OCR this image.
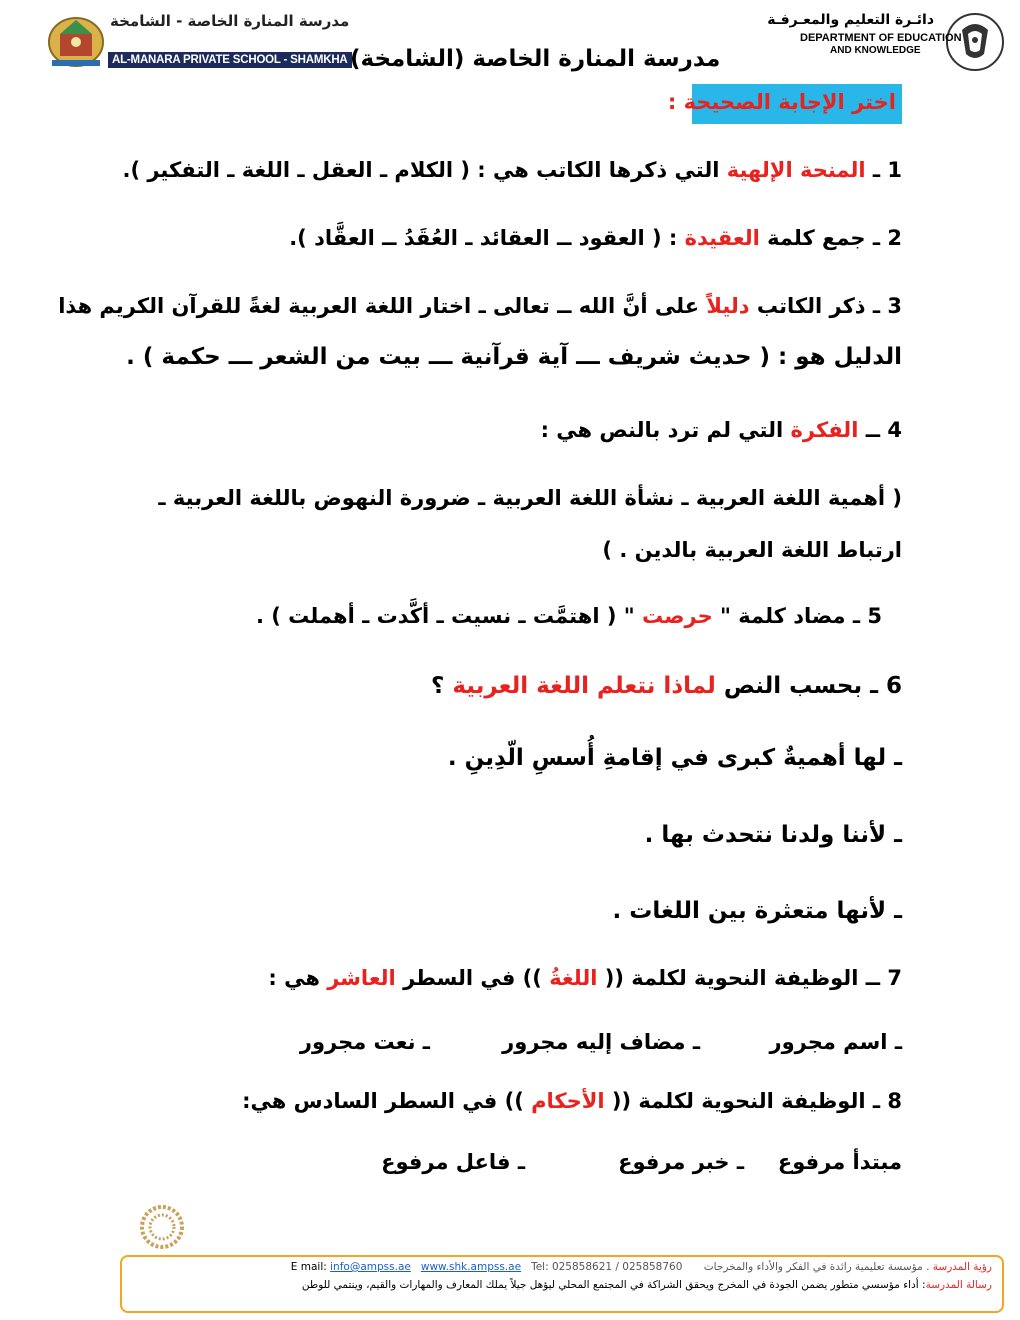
مدرسة المنارة الخاصة - الشامخة
AL-MANARA PRIVATE SCHOOL - SHAMKHA
دائـرة التعليم والمعـرفـة
DEPARTMENT OF EDUCATION
AND KNOWLEDGE
مدرسة المنارة الخاصة (الشامخة)
اختر الإجابة الصحيحة :
1 ـ المنحة الإلهية التي ذكرها الكاتب هي : ( الكلام ـ العقل ـ اللغة ـ التفكير ).
2 ـ جمع كلمة العقيدة : ( العقود ــ العقائد ـ العُقَدُ ــ العقَّاد ).
3 ـ ذكر الكاتب دليلاً على أنَّ الله ــ تعالى ـ اختار اللغة العربية لغةً للقرآن الكريم هذا
الدليل هو : ( حديث شريف ـــ آية قرآنية ـــ بيت من الشعر ـــ حكمة ) .
4 ــ الفكرة التي لم ترد بالنص هي :
( أهمية اللغة العربية ـ نشأة اللغة العربية ـ ضرورة النهوض باللغة العربية ـ
ارتباط اللغة العربية بالدين . )
5 ـ مضاد كلمة " حرصت " ( اهتمَّت ـ نسيت ـ أكَّدت ـ أهملت ) .
6 ـ بحسب النص لماذا نتعلم اللغة العربية ؟
ـ لها أهميةٌ كبرى في إقامةِ أُسسِ الّدِينِ .
ـ لأننا ولدنا نتحدث بها .
ـ لأنها متعثرة بين اللغات .
7 ــ الوظيفة النحوية لكلمة (( اللغةُ )) في السطر العاشر هي :
ـ اسم مجرور
ـ مضاف إليه مجرور
ـ نعت مجرور
8 ـ الوظيفة النحوية لكلمة (( الأحكام )) في السطر السادس هي:
مبتدأ مرفوع
ـ خبر مرفوع
ـ فاعل مرفوع
رؤية المدرسة . مؤسسة تعليمية رائدة في الفكر والأداء والمخرجات E mail: info@ampss.ae www.shk.ampss.ae Tel: 025858621 / 025858760
رسالة المدرسة: أداء مؤسسي متطور يضمن الجودة في المخرج ويحقق الشراكة في المجتمع المحلي ليؤهل جيلاً يملك المعارف والمهارات والقيم، وينتمي للوطن
